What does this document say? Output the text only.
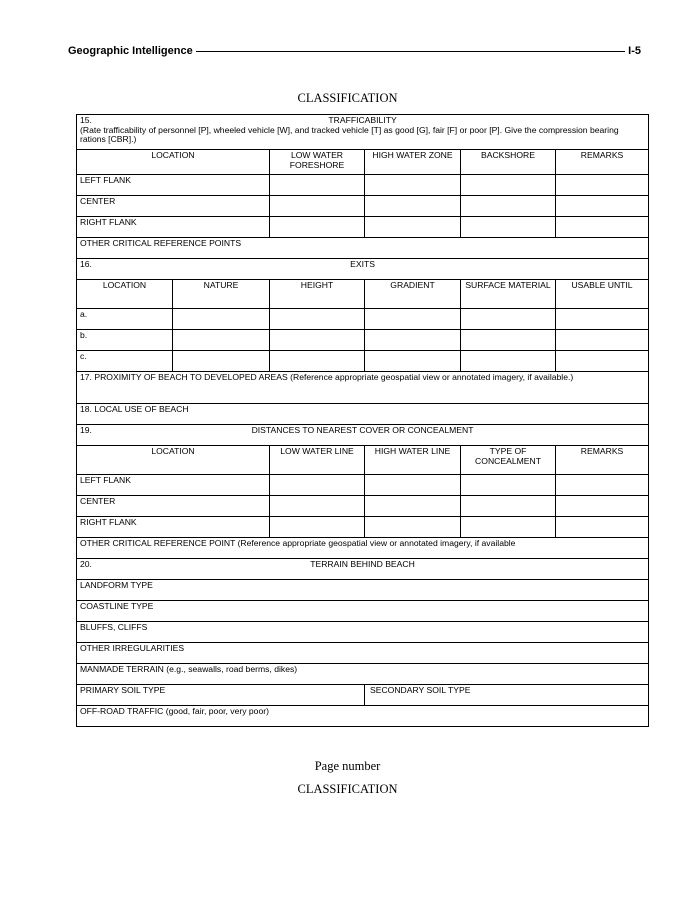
Geographic Intelligence	I-5
CLASSIFICATION
15. TRAFFICABILITY
(Rate trafficability of personnel [P], wheeled vehicle [W], and tracked vehicle [T] as good [G], fair [F] or poor [P]. Give the compression bearing rations [CBR].)					

LOCATION		LOW WATER FORESHORE	HIGH WATER ZONE	BACKSHORE	REMARKS
LEFT FLANK					
CENTER					
RIGHT FLANK					
OTHER CRITICAL REFERENCE POINTS					

16. EXITS					

LOCATION	NATURE	HEIGHT	GRADIENT	SURFACE MATERIAL	USABLE UNTIL
a.					
b.					
c.					
17. PROXIMITY OF BEACH TO DEVELOPED AREAS (Reference appropriate geospatial view or annotated imagery, if available.)					
18. LOCAL USE OF BEACH					

19. DISTANCES TO NEAREST COVER OR CONCEALMENT					

LOCATION		LOW WATER LINE	HIGH WATER LINE	TYPE OF CONCEALMENT	REMARKS
LEFT FLANK					
CENTER					
RIGHT FLANK					
OTHER CRITICAL REFERENCE POINT (Reference appropriate geospatial view or annotated imagery, if available					

20. TERRAIN BEHIND BEACH					

LANDFORM TYPE					
COASTLINE TYPE					
BLUFFS, CLIFFS					
OTHER IRREGULARITIES					
MANMADE TERRAIN (e.g., seawalls, road berms, dikes)					
PRIMARY SOIL TYPE			SECONDARY SOIL TYPE		
OFF-ROAD TRAFFIC (good, fair, poor, very poor)					
Page number
CLASSIFICATION
